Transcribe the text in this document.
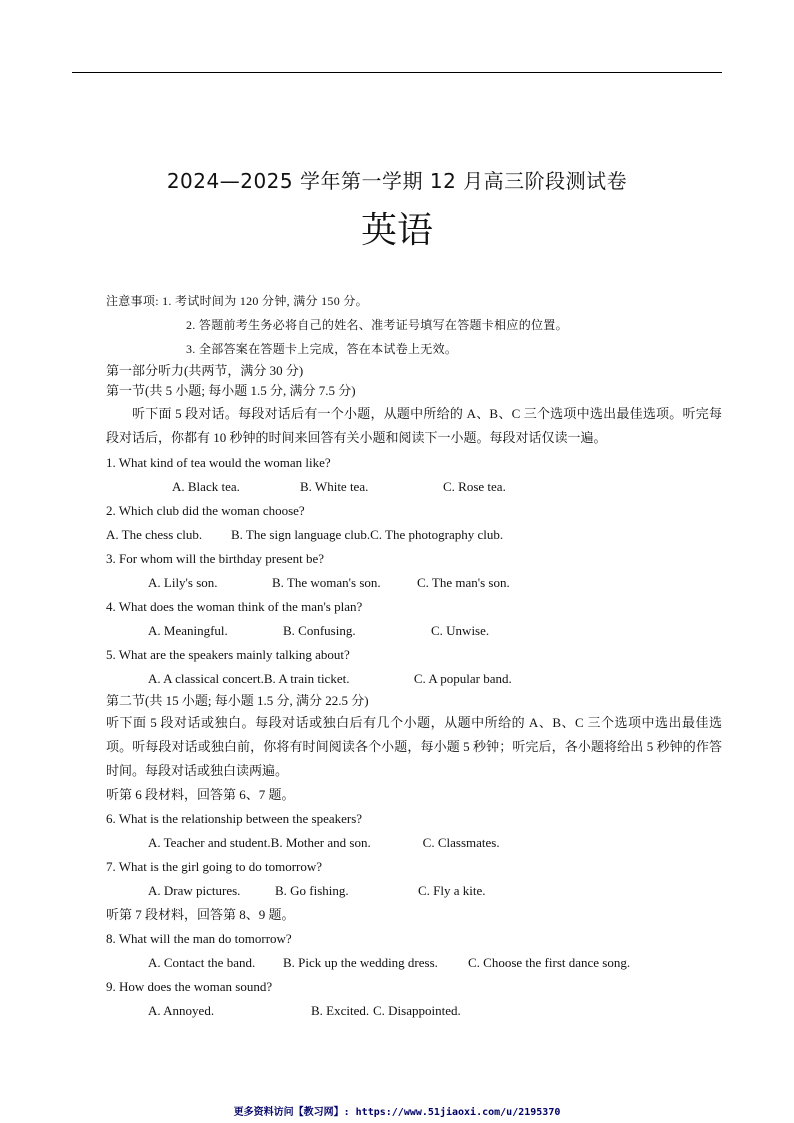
2024—2025 学年第一学期 12 月高三阶段测试卷
英语
注意事项: 1. 考试时间为 120 分钟, 满分 150 分。
2. 答题前考生务必将自己的姓名、准考证号填写在答题卡相应的位置。
3. 全部答案在答题卡上完成，答在本试卷上无效。
第一部分听力(共两节，满分 30 分)
第一节(共 5 小题; 每小题 1.5 分, 满分 7.5 分)

听下面 5 段对话。每段对话后有一个小题，从题中所给的 A、B、C 三个选项中选出最佳选项。听完每段对话后，你都有 10 秒钟的时间来回答有关小题和阅读下一小题。每段对话仅读一遍。

1. What kind of tea would the woman like?
A. Black tea.	B. White tea.	C. Rose tea.
2. Which club did the woman choose?
A. The chess club.	B. The sign language club. C. The photography club.
3. For whom will the birthday present be?
A. Lily's son.	B. The woman's son.	C. The man's son.
4. What does the woman think of the man's plan?
A. Meaningful.	B. Confusing.	C. Unwise.
5. What are the speakers mainly talking about?
A. A classical concert. B. A train ticket.	C. A popular band.
第二节(共 15 小题; 每小题 1.5 分, 满分 22.5 分)

听下面 5 段对话或独白。每段对话或独白后有几个小题，从题中所给的 A、B、C 三个选项中选出最佳选项。听每段对话或独白前，你将有时间阅读各个小题，每小题 5 秒钟；听完后，各小题将给出 5 秒钟的作答时间。每段对话或独白读两遍。

听第 6 段材料，回答第 6、7 题。
6. What is the relationship between the speakers?
A. Teacher and student. B. Mother and son.	C. Classmates.
7. What is the girl going to do tomorrow?
A. Draw pictures.	B. Go fishing.	C. Fly a kite.
听第 7 段材料，回答第 8、9 题。
8. What will the man do tomorrow?
A. Contact the band.	B. Pick up the wedding dress.	C. Choose the first dance song.
9. How does the woman sound?
A. Annoyed.	B. Excited. C. Disappointed.
更多资料访问【教习网】: https://www.51jiaoxi.com/u/2195370
